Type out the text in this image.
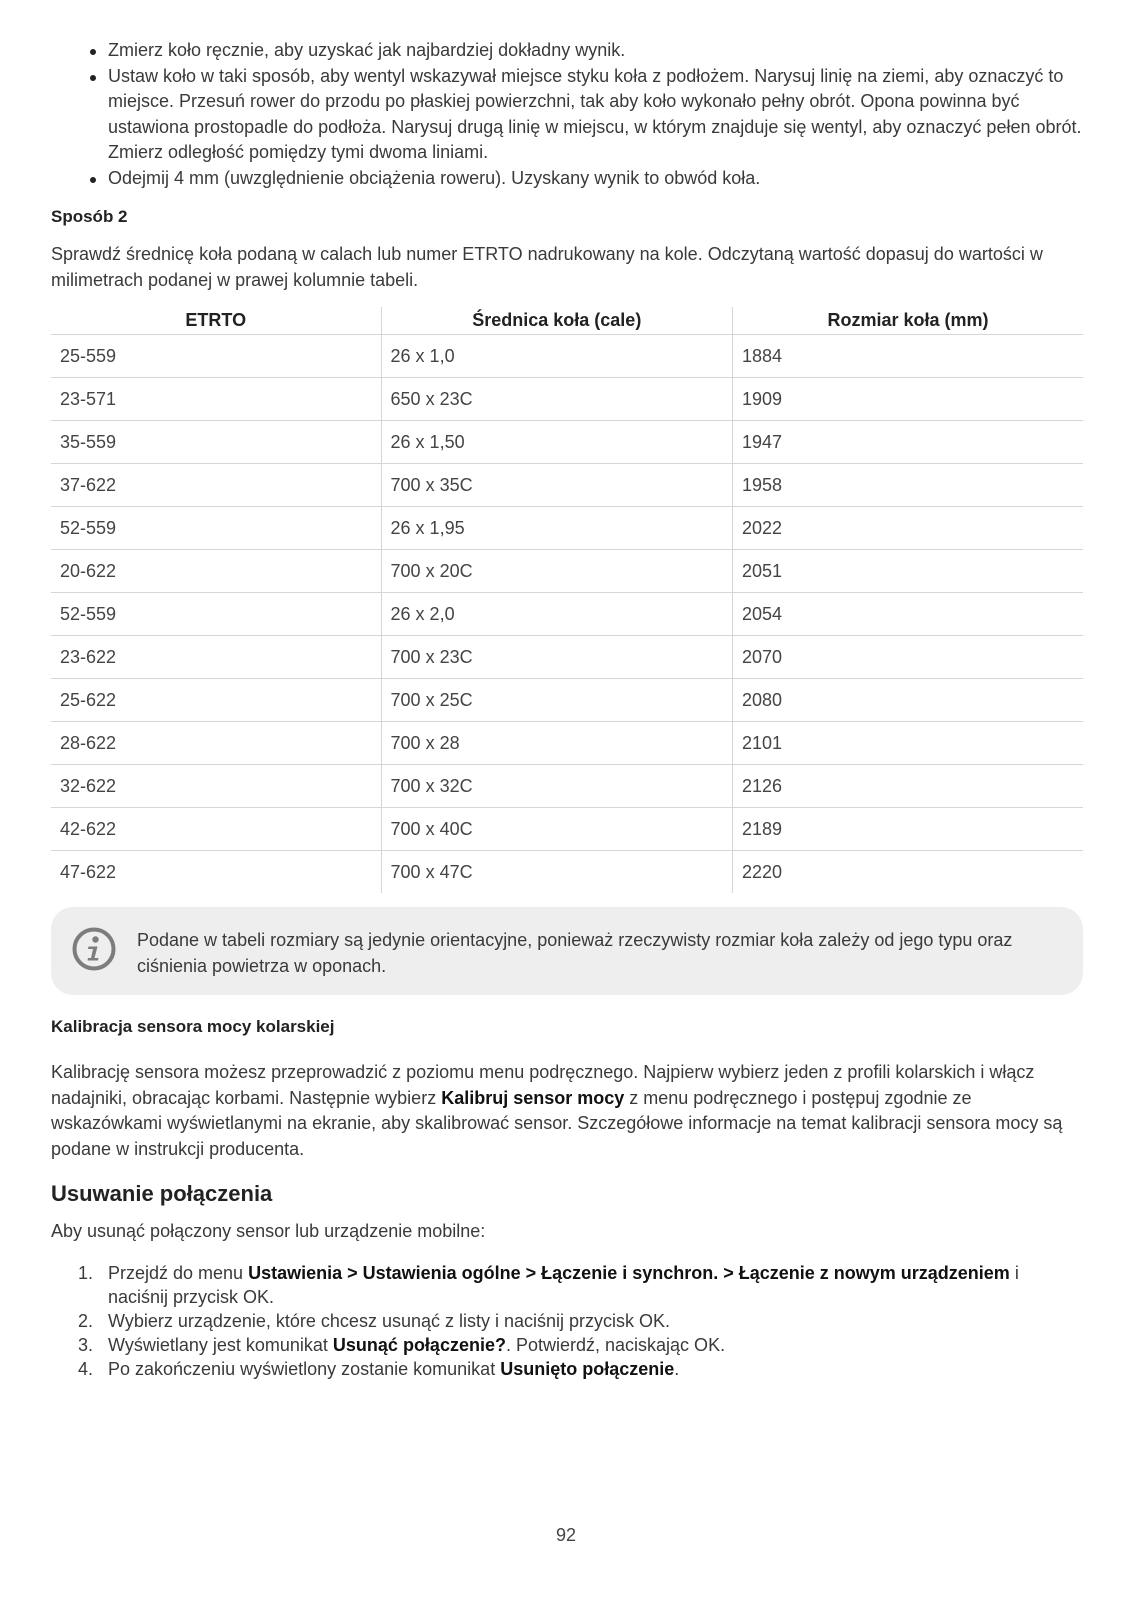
Zmierz koło ręcznie, aby uzyskać jak najbardziej dokładny wynik.
Ustaw koło w taki sposób, aby wentyl wskazywał miejsce styku koła z podłożem. Narysuj linię na ziemi, aby oznaczyć to miejsce. Przesuń rower do przodu po płaskiej powierzchni, tak aby koło wykonało pełny obrót. Opona powinna być ustawiona prostopadle do podłoża. Narysuj drugą linię w miejscu, w którym znajduje się wentyl, aby oznaczyć pełen obrót. Zmierz odległość pomiędzy tymi dwoma liniami.
Odejmij 4 mm (uwzględnienie obciążenia roweru). Uzyskany wynik to obwód koła.

Sposób 2

Sprawdź średnicę koła podaną w calach lub numer ETRTO nadrukowany na kole. Odczytaną wartość dopasuj do wartości w milimetrach podanej w prawej kolumnie tabeli.

ETRTO	Średnica koła (cale)	Rozmiar koła (mm)
25-559	26 x 1,0	1884
23-571	650 x 23C	1909
35-559	26 x 1,50	1947
37-622	700 x 35C	1958
52-559	26 x 1,95	2022
20-622	700 x 20C	2051
52-559	26 x 2,0	2054
23-622	700 x 23C	2070
25-622	700 x 25C	2080
28-622	700 x 28	2101
32-622	700 x 32C	2126
42-622	700 x 40C	2189
47-622	700 x 47C	2220
Podane w tabeli rozmiary są jedynie orientacyjne, ponieważ rzeczywisty rozmiar koła zależy od jego typu oraz ciśnienia powietrza w oponach.

Kalibracja sensora mocy kolarskiej

Kalibrację sensora możesz przeprowadzić z poziomu menu podręcznego. Najpierw wybierz jeden z profili kolarskich i włącz nadajniki, obracając korbami. Następnie wybierz Kalibruj sensor mocy z menu podręcznego i postępuj zgodnie ze wskazówkami wyświetlanymi na ekranie, aby skalibrować sensor. Szczegółowe informacje na temat kalibracji sensora mocy są podane w instrukcji producenta.

Usuwanie połączenia

Aby usunąć połączony sensor lub urządzenie mobilne:

1. Przejdź do menu Ustawienia > Ustawienia ogólne > Łączenie i synchron. > Łączenie z nowym urządzeniem i naciśnij przycisk OK.
2. Wybierz urządzenie, które chcesz usunąć z listy i naciśnij przycisk OK.
3. Wyświetlany jest komunikat Usunąć połączenie?. Potwierdź, naciskając OK.
4. Po zakończeniu wyświetlony zostanie komunikat Usunięto połączenie.
92
